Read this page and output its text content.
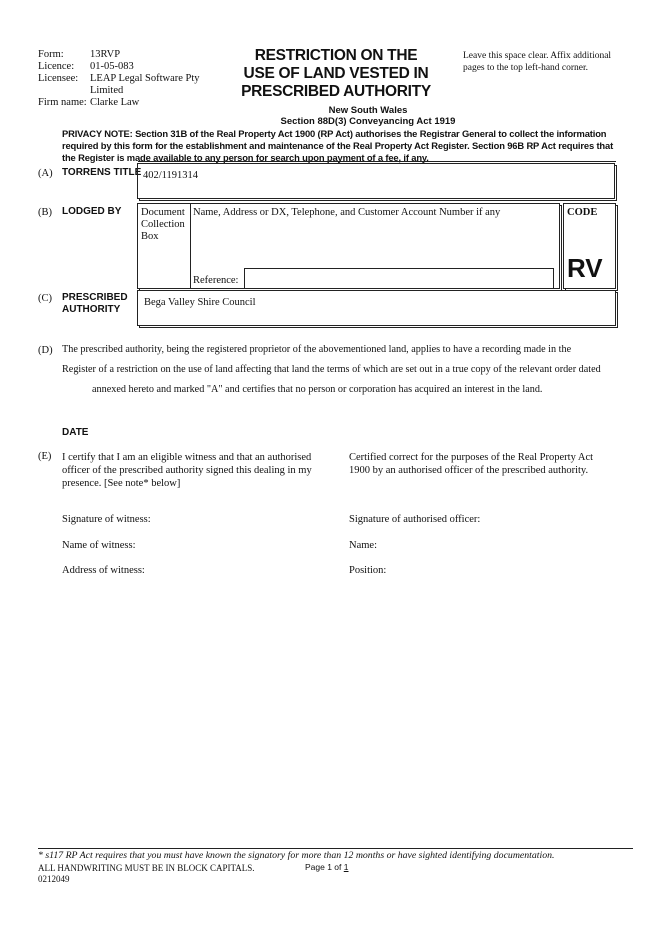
Form:	13RVP
Licence:	01-05-083
Licensee:	LEAP Legal Software Pty
Limited
Firm name: Clarke Law
RESTRICTION ON THE
USE OF LAND VESTED IN
PRESCRIBED AUTHORITY
New South Wales
Section 88D(3) Conveyancing Act 1919
Leave this space clear. Affix additional
pages to the top left-hand corner.
PRIVACY NOTE: Section 31B of the Real Property Act 1900 (RP Act) authorises the Registrar General to collect the information
required by this form for the establishment and maintenance of the Real Property Act Register. Section 96B RP Act requires that
the Register is made available to any person for search upon payment of a fee, if any.
(A) TORRENS TITLE 402/1191314
(B) LODGED BY Document
Collection
Box
Name, Address or DX, Telephone, and Customer Account Number if any
Reference:
CODE
RV
(C) PRESCRIBED
AUTHORITY
Bega Valley Shire Council
(D) The prescribed authority, being the registered proprietor of the abovementioned land, applies to have a recording made in the
Register of a restriction on the use of land affecting that land the terms of which are set out in a true copy of the relevant order dated
annexed hereto and marked "A" and certifies that no person or corporation has acquired an interest in the land.
DATE
(E) I certify that I am an eligible witness and that an authorised
officer of the prescribed authority signed this dealing in my
presence. [See note* below]
Certified correct for the purposes of the Real Property Act
1900 by an authorised officer of the prescribed authority.
Signature of witness:
Name of witness:
Address of witness:
Signature of authorised officer:
Name:
Position:
* s117 RP Act requires that you must have known the signatory for more than 12 months or have sighted identifying documentation.
ALL HANDWRITING MUST BE IN BLOCK CAPITALS.	Page 1 of 1
0212049
